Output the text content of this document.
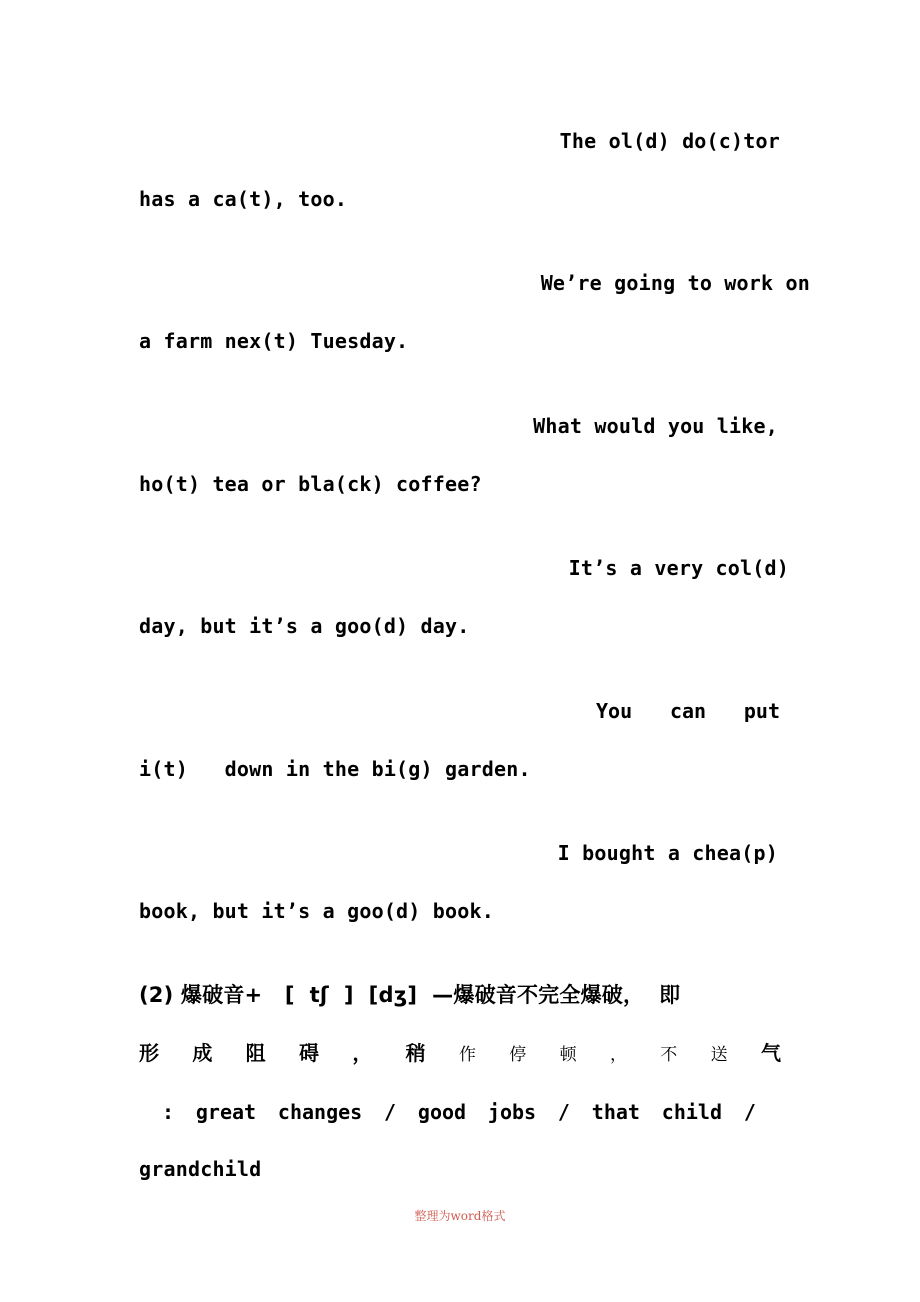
The ol(d) do(c)tor
has a ca(t), too.
We’re going to work on
a farm nex(t) Tuesday.
What would you like,
ho(t) tea or bla(ck) coffee?
It’s a very col(d)
day, but it’s a goo(d) day.
You can put
i(t)   down in the bi(g) garden.
I bought a chea(p)
book, but it’s a goo(d) book.
(2) 爆破音+   [  tʃ  ]  [dʒ]  —爆破音不完全爆破，  即
形 成 阻 碍 ， 稍 作 停 顿 ， 不 送 气
: great changes / good jobs / that child /
grandchild
整理为word格式
